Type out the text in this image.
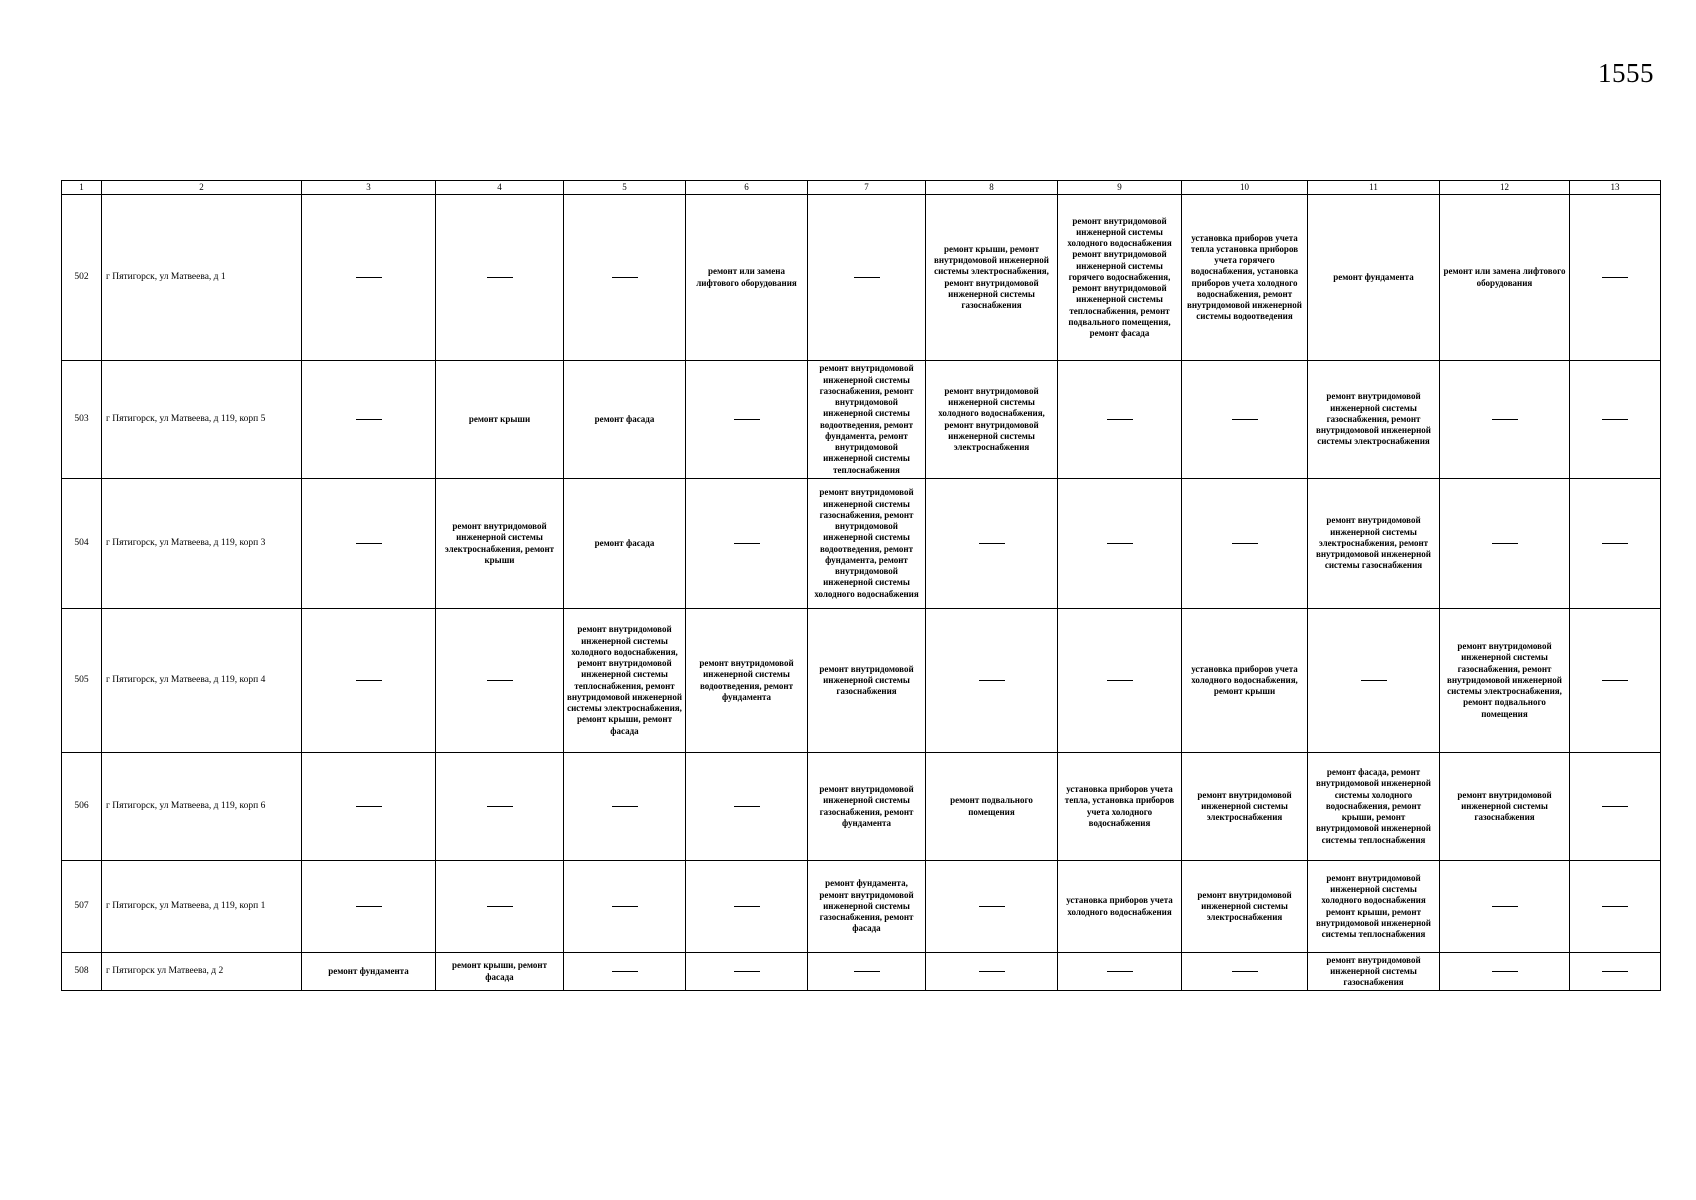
1555
1	2	3	4	5	6	7	8	9	10	11	12	13
502	г Пятигорск, ул Матвеева, д 1				ремонт или замена лифтового оборудования		ремонт крыши, ремонт внутридомовой инженерной системы электроснабжения, ремонт внутридомовой инженерной системы газоснабжения	ремонт внутридомовой инженерной системы холодного водоснабжения ремонт внутридомовой инженерной системы горячего водоснабжения, ремонт внутридомовой инженерной системы теплоснабжения, ремонт подвального помещения, ремонт фасада	установка приборов учета тепла установка приборов учета горячего водоснабжения, установка приборов учета холодного водоснабжения, ремонт внутридомовой инженерной системы водоотведения	ремонт фундамента	ремонт или замена лифтового оборудования	
503	г Пятигорск, ул Матвеева, д 119, корп 5		ремонт крыши	ремонт фасада		ремонт внутридомовой инженерной системы газоснабжения, ремонт внутридомовой инженерной системы водоотведения, ремонт фундамента, ремонт внутридомовой инженерной системы теплоснабжения	ремонт внутридомовой инженерной системы холодного водоснабжения, ремонт внутридомовой инженерной системы электроснабжения			ремонт внутридомовой инженерной системы газоснабжения, ремонт внутридомовой инженерной системы электроснабжения		
504	г Пятигорск, ул Матвеева, д 119, корп 3		ремонт внутридомовой инженерной системы электроснабжения, ремонт крыши	ремонт фасада		ремонт внутридомовой инженерной системы газоснабжения, ремонт внутридомовой инженерной системы водоотведения, ремонт фундамента, ремонт внутридомовой инженерной системы холодного водоснабжения				ремонт внутридомовой инженерной системы электроснабжения, ремонт внутридомовой инженерной системы газоснабжения		
505	г Пятигорск, ул Матвеева, д 119, корп 4			ремонт внутридомовой инженерной системы холодного водоснабжения, ремонт внутридомовой инженерной системы теплоснабжения, ремонт внутридомовой инженерной системы электроснабжения, ремонт крыши, ремонт фасада	ремонт внутридомовой инженерной системы водоотведения, ремонт фундамента	ремонт внутридомовой инженерной системы газоснабжения			установка приборов учета холодного водоснабжения, ремонт крыши		ремонт внутридомовой инженерной системы газоснабжения, ремонт внутридомовой инженерной системы электроснабжения, ремонт подвального помещения	
506	г Пятигорск, ул Матвеева, д 119, корп 6					ремонт внутридомовой инженерной системы газоснабжения, ремонт фундамента	ремонт подвального помещения	установка приборов учета тепла, установка приборов учета холодного водоснабжения	ремонт внутридомовой инженерной системы электроснабжения	ремонт фасада, ремонт внутридомовой инженерной системы холодного водоснабжения, ремонт крыши, ремонт внутридомовой инженерной системы теплоснабжения	ремонт внутридомовой инженерной системы газоснабжения	
507	г Пятигорск, ул Матвеева, д 119, корп 1					ремонт фундамента, ремонт внутридомовой инженерной системы газоснабжения, ремонт фасада		установка приборов учета холодного водоснабжения	ремонт внутридомовой инженерной системы электроснабжения	ремонт внутридомовой инженерной системы холодного водоснабжения ремонт крыши, ремонт внутридомовой инженерной системы теплоснабжения		
508	г Пятигорск ул Матвеева, д 2	ремонт фундамента	ремонт крыши, ремонт фасада							ремонт внутридомовой инженерной системы газоснабжения		
